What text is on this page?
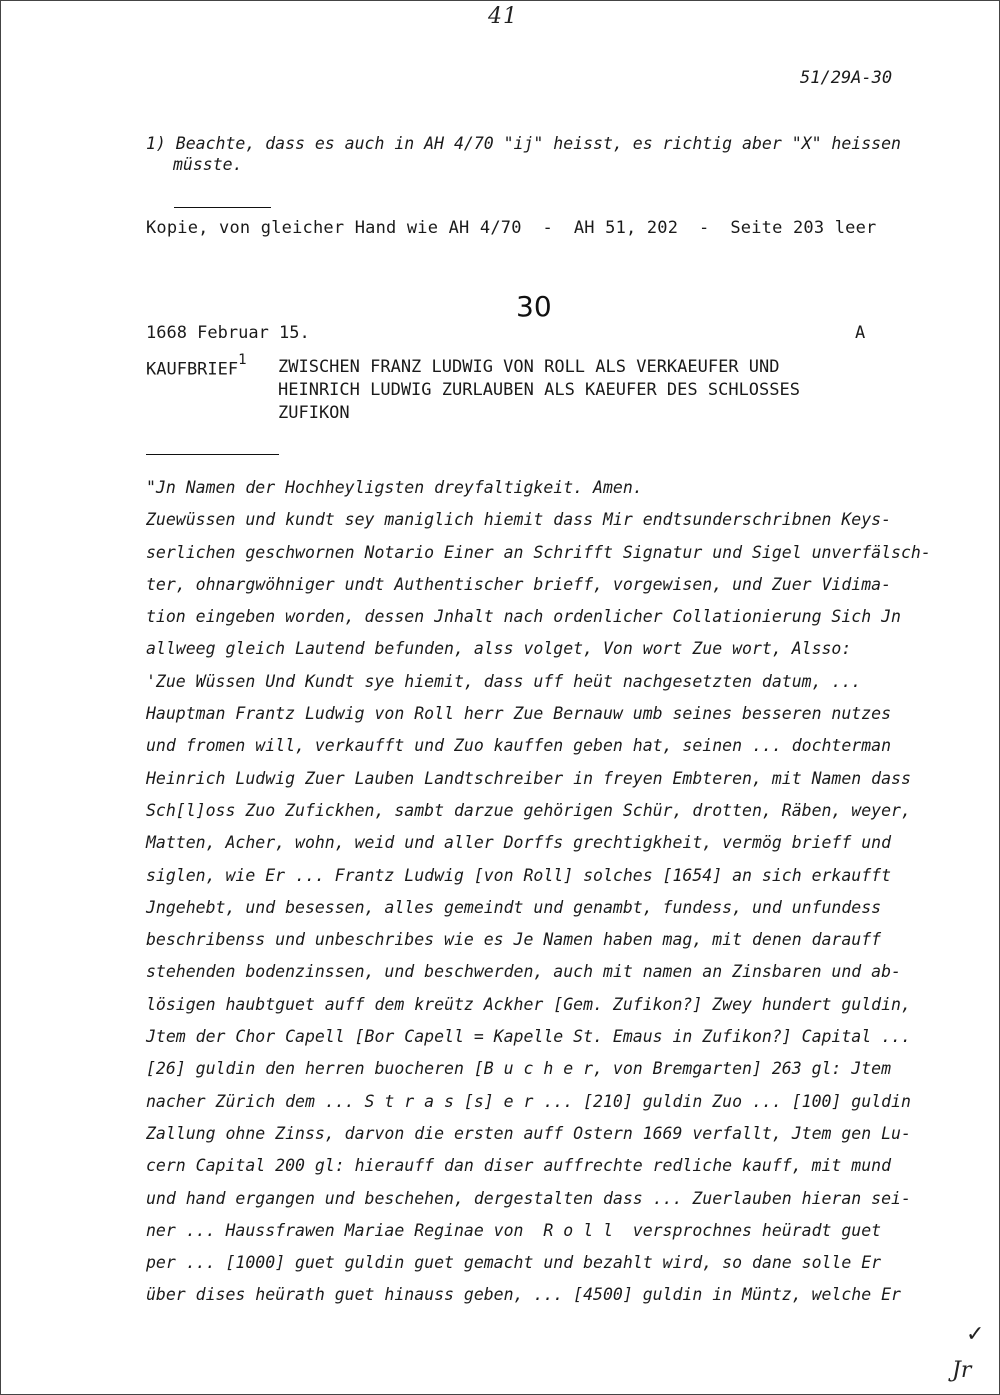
41
51/29A-30
1) Beachte, dass es auch in AH 4/70 "ij" heisst, es richtig aber "X" heissen
müsste.
Kopie, von gleicher Hand wie AH 4/70  -  AH 51, 202  -  Seite 203 leer
30
1668 Februar 15.	A
KAUFBRIEF$^1$ ZWISCHEN FRANZ LUDWIG VON ROLL ALS VERKAEUFER UND
HEINRICH LUDWIG ZURLAUBEN ALS KAEUFER DES SCHLOSSES
ZUFIKON
"Jn Namen der Hochheyligsten dreyfaltigkeit. Amen.
Zuewüssen und kundt sey maniglich hiemit dass Mir endtsunderschribnen Keys-
serlichen geschwornen Notario Einer an Schrifft Signatur und Sigel unverfälsch-
ter, ohnargwöhniger undt Authentischer brieff, vorgewisen, und Zuer Vidima-
tion eingeben worden, dessen Jnhalt nach ordenlicher Collationierung Sich Jn
allweeg gleich Lautend befunden, alss volget, Von wort Zue wort, Alsso:
'Zue Wüssen Und Kundt sye hiemit, dass uff heüt nachgesetzten datum, ...
Hauptman Frantz Ludwig von Roll herr Zue Bernauw umb seines besseren nutzes
und fromen will, verkaufft und Zuo kauffen geben hat, seinen ... dochterman
Heinrich Ludwig Zuer Lauben Landtschreiber in freyen Embteren, mit Namen dass
Sch[l]oss Zuo Zufickhen, sambt darzue gehörigen Schür, drotten, Räben, weyer,
Matten, Acher, wohn, weid und aller Dorffs grechtigkheit, vermög brieff und
siglen, wie Er ... Frantz Ludwig [von Roll] solches [1654] an sich erkaufft
Jngehebt, und besessen, alles gemeindt und genambt, fundess, und unfundess
beschribenss und unbeschribes wie es Je Namen haben mag, mit denen darauff
stehenden bodenzinssen, und beschwerden, auch mit namen an Zinsbaren und ab-
lösigen haubtguet auff dem kreütz Ackher [Gem. Zufikon?] Zwey hundert guldin,
Jtem der Chor Capell [Bor Capell = Kapelle St. Emaus in Zufikon?] Capital ...
[26] guldin den herren buocheren [B u c h e r, von Bremgarten] 263 gl: Jtem
nacher Zürich dem ... S t r a s [s] e r ... [210] guldin Zuo ... [100] guldin
Zallung ohne Zinss, darvon die ersten auff Ostern 1669 verfallt, Jtem gen Lu-
cern Capital 200 gl: hierauff dan diser auffrechte redliche kauff, mit mund
und hand ergangen und beschehen, dergestalten dass ... Zuerlauben hieran sei-
ner ... Haussfrawen Mariae Reginae von  R o l l  versprochnes heüradt guet
per ... [1000] guet guldin guet gemacht und bezahlt wird, so dane solle Er
über dises heürath guet hinauss geben, ... [4500] guldin in Müntz, welche Er
✓
Jr
